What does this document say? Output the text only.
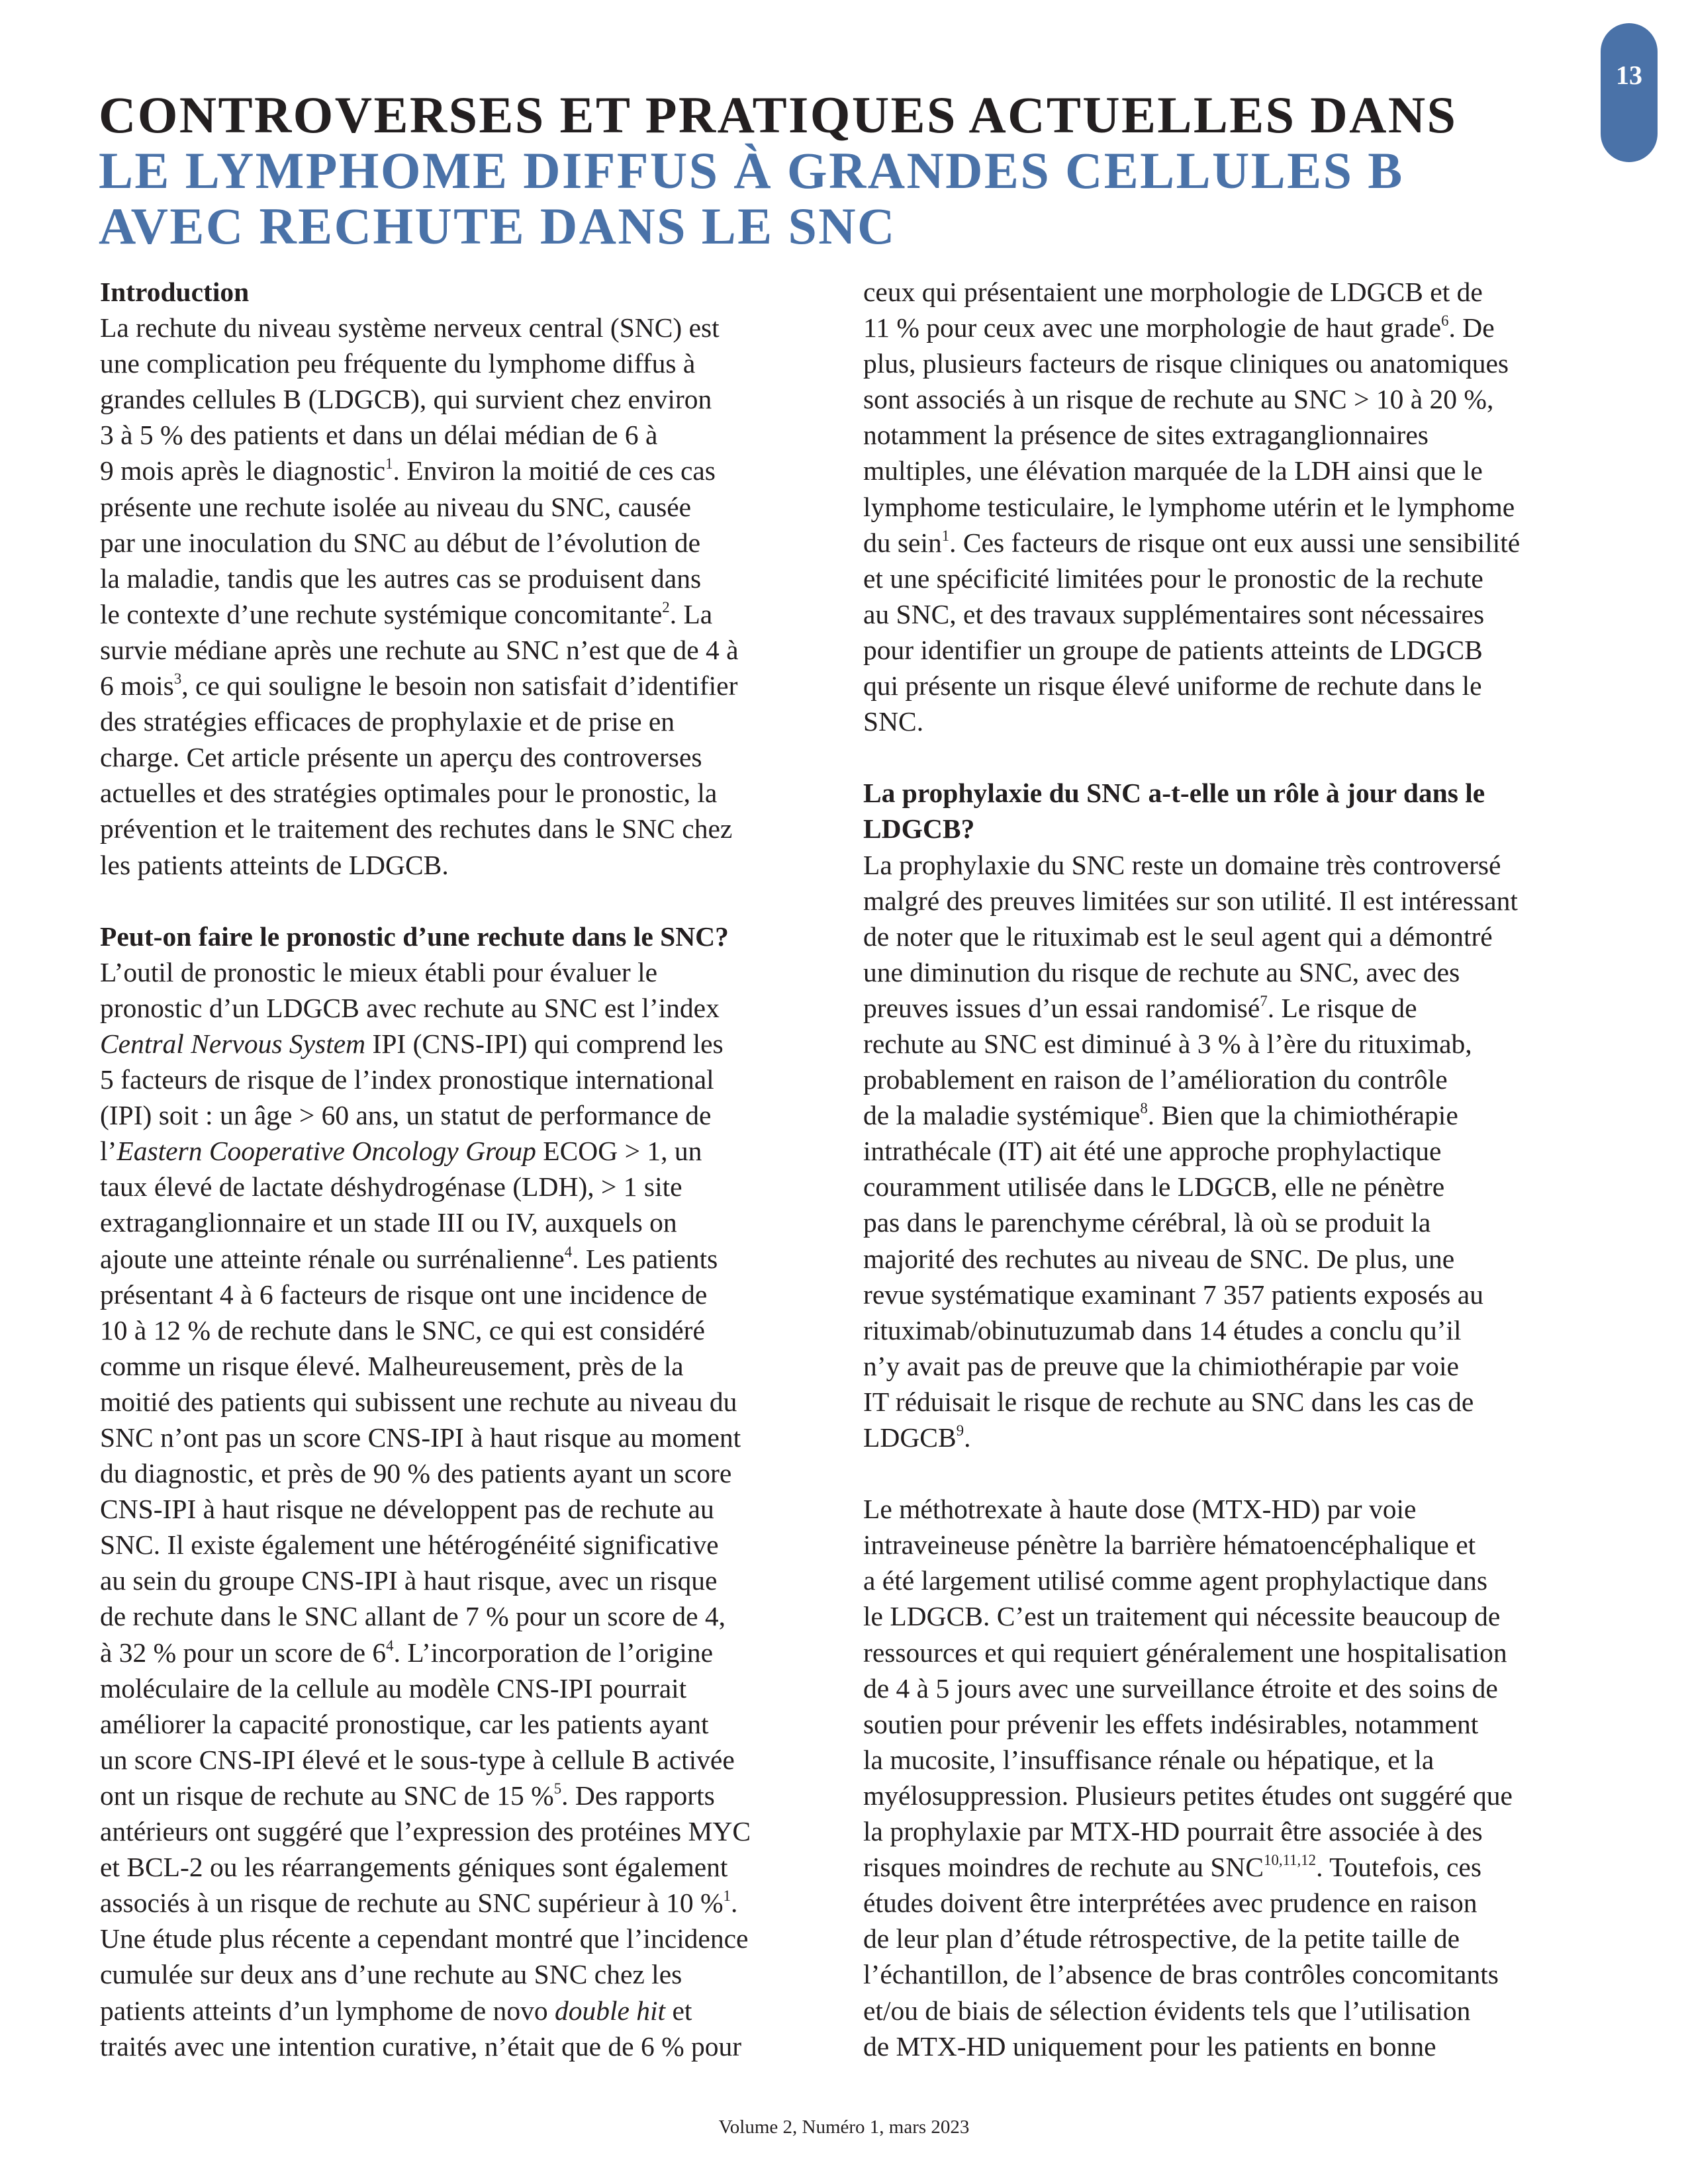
13
CONTROVERSES ET PRATIQUES ACTUELLES DANS
LE LYMPHOME DIFFUS À GRANDES CELLULES B
AVEC RECHUTE DANS LE SNC
Introduction
La rechute du niveau système nerveux central (SNC) est
une complication peu fréquente du lymphome diffus à
grandes cellules B (LDGCB), qui survient chez environ
3 à 5 % des patients et dans un délai médian de 6 à
9 mois après le diagnostic$^1$. Environ la moitié de ces cas
présente une rechute isolée au niveau du SNC, causée
par une inoculation du SNC au début de l’évolution de
la maladie, tandis que les autres cas se produisent dans
le contexte d’une rechute systémique concomitante$^2$. La
survie médiane après une rechute au SNC n’est que de 4 à
6 mois$^3$, ce qui souligne le besoin non satisfait d’identifier
des stratégies efficaces de prophylaxie et de prise en
charge. Cet article présente un aperçu des controverses
actuelles et des stratégies optimales pour le pronostic, la
prévention et le traitement des rechutes dans le SNC chez
les patients atteints de LDGCB.
Peut-on faire le pronostic d’une rechute dans le SNC?
L’outil de pronostic le mieux établi pour évaluer le
pronostic d’un LDGCB avec rechute au SNC est l’index
Central Nervous System IPI (CNS-IPI) qui comprend les
5 facteurs de risque de l’index pronostique international
(IPI) soit : un âge > 60 ans, un statut de performance de
l’Eastern Cooperative Oncology Group ECOG > 1, un
taux élevé de lactate déshydrogénase (LDH), > 1 site
extraganglionnaire et un stade III ou IV, auxquels on
ajoute une atteinte rénale ou surrénalienne$^4$. Les patients
présentant 4 à 6 facteurs de risque ont une incidence de
10 à 12 % de rechute dans le SNC, ce qui est considéré
comme un risque élevé. Malheureusement, près de la
moitié des patients qui subissent une rechute au niveau du
SNC n’ont pas un score CNS-IPI à haut risque au moment
du diagnostic, et près de 90 % des patients ayant un score
CNS-IPI à haut risque ne développent pas de rechute au
SNC. Il existe également une hétérogénéité significative
au sein du groupe CNS-IPI à haut risque, avec un risque
de rechute dans le SNC allant de 7 % pour un score de 4,
à 32 % pour un score de $6^4$. L’incorporation de l’origine
moléculaire de la cellule au modèle CNS-IPI pourrait
améliorer la capacité pronostique, car les patients ayant
un score CNS-IPI élevé et le sous-type à cellule B activée
ont un risque de rechute au SNC de 15 %$^5$. Des rapports
antérieurs ont suggéré que l’expression des protéines MYC
et BCL-2 ou les réarrangements géniques sont également
associés à un risque de rechute au SNC supérieur à 10 %$^1$.
Une étude plus récente a cependant montré que l’incidence
cumulée sur deux ans d’une rechute au SNC chez les
patients atteints d’un lymphome de novo double hit et
traités avec une intention curative, n’était que de 6 % pour
ceux qui présentaient une morphologie de LDGCB et de
11 % pour ceux avec une morphologie de haut grade$^6$. De
plus, plusieurs facteurs de risque cliniques ou anatomiques
sont associés à un risque de rechute au SNC > 10 à 20 %,
notamment la présence de sites extraganglionnaires
multiples, une élévation marquée de la LDH ainsi que le
lymphome testiculaire, le lymphome utérin et le lymphome
du sein$^1$. Ces facteurs de risque ont eux aussi une sensibilité
et une spécificité limitées pour le pronostic de la rechute
au SNC, et des travaux supplémentaires sont nécessaires
pour identifier un groupe de patients atteints de LDGCB
qui présente un risque élevé uniforme de rechute dans le
SNC.
La prophylaxie du SNC a-t-elle un rôle à jour dans le
LDGCB?
La prophylaxie du SNC reste un domaine très controversé
malgré des preuves limitées sur son utilité. Il est intéressant
de noter que le rituximab est le seul agent qui a démontré
une diminution du risque de rechute au SNC, avec des
preuves issues d’un essai randomisé$^7$. Le risque de
rechute au SNC est diminué à 3 % à l’ère du rituximab,
probablement en raison de l’amélioration du contrôle
de la maladie systémique$^8$. Bien que la chimiothérapie
intrathécale (IT) ait été une approche prophylactique
couramment utilisée dans le LDGCB, elle ne pénètre
pas dans le parenchyme cérébral, là où se produit la
majorité des rechutes au niveau de SNC. De plus, une
revue systématique examinant 7 357 patients exposés au
rituximab/obinutuzumab dans 14 études a conclu qu’il
n’y avait pas de preuve que la chimiothérapie par voie
IT réduisait le risque de rechute au SNC dans les cas de
LDGCB$^9$.
Le méthotrexate à haute dose (MTX-HD) par voie
intraveineuse pénètre la barrière hématoencéphalique et
a été largement utilisé comme agent prophylactique dans
le LDGCB. C’est un traitement qui nécessite beaucoup de
ressources et qui requiert généralement une hospitalisation
de 4 à 5 jours avec une surveillance étroite et des soins de
soutien pour prévenir les effets indésirables, notamment
la mucosite, l’insuffisance rénale ou hépatique, et la
myélosuppression. Plusieurs petites études ont suggéré que
la prophylaxie par MTX-HD pourrait être associée à des
risques moindres de rechute au SNC$^{10,11,12}$. Toutefois, ces
études doivent être interprétées avec prudence en raison
de leur plan d’étude rétrospective, de la petite taille de
l’échantillon, de l’absence de bras contrôles concomitants
et/ou de biais de sélection évidents tels que l’utilisation
de MTX-HD uniquement pour les patients en bonne
Volume 2, Numéro 1, mars 2023
